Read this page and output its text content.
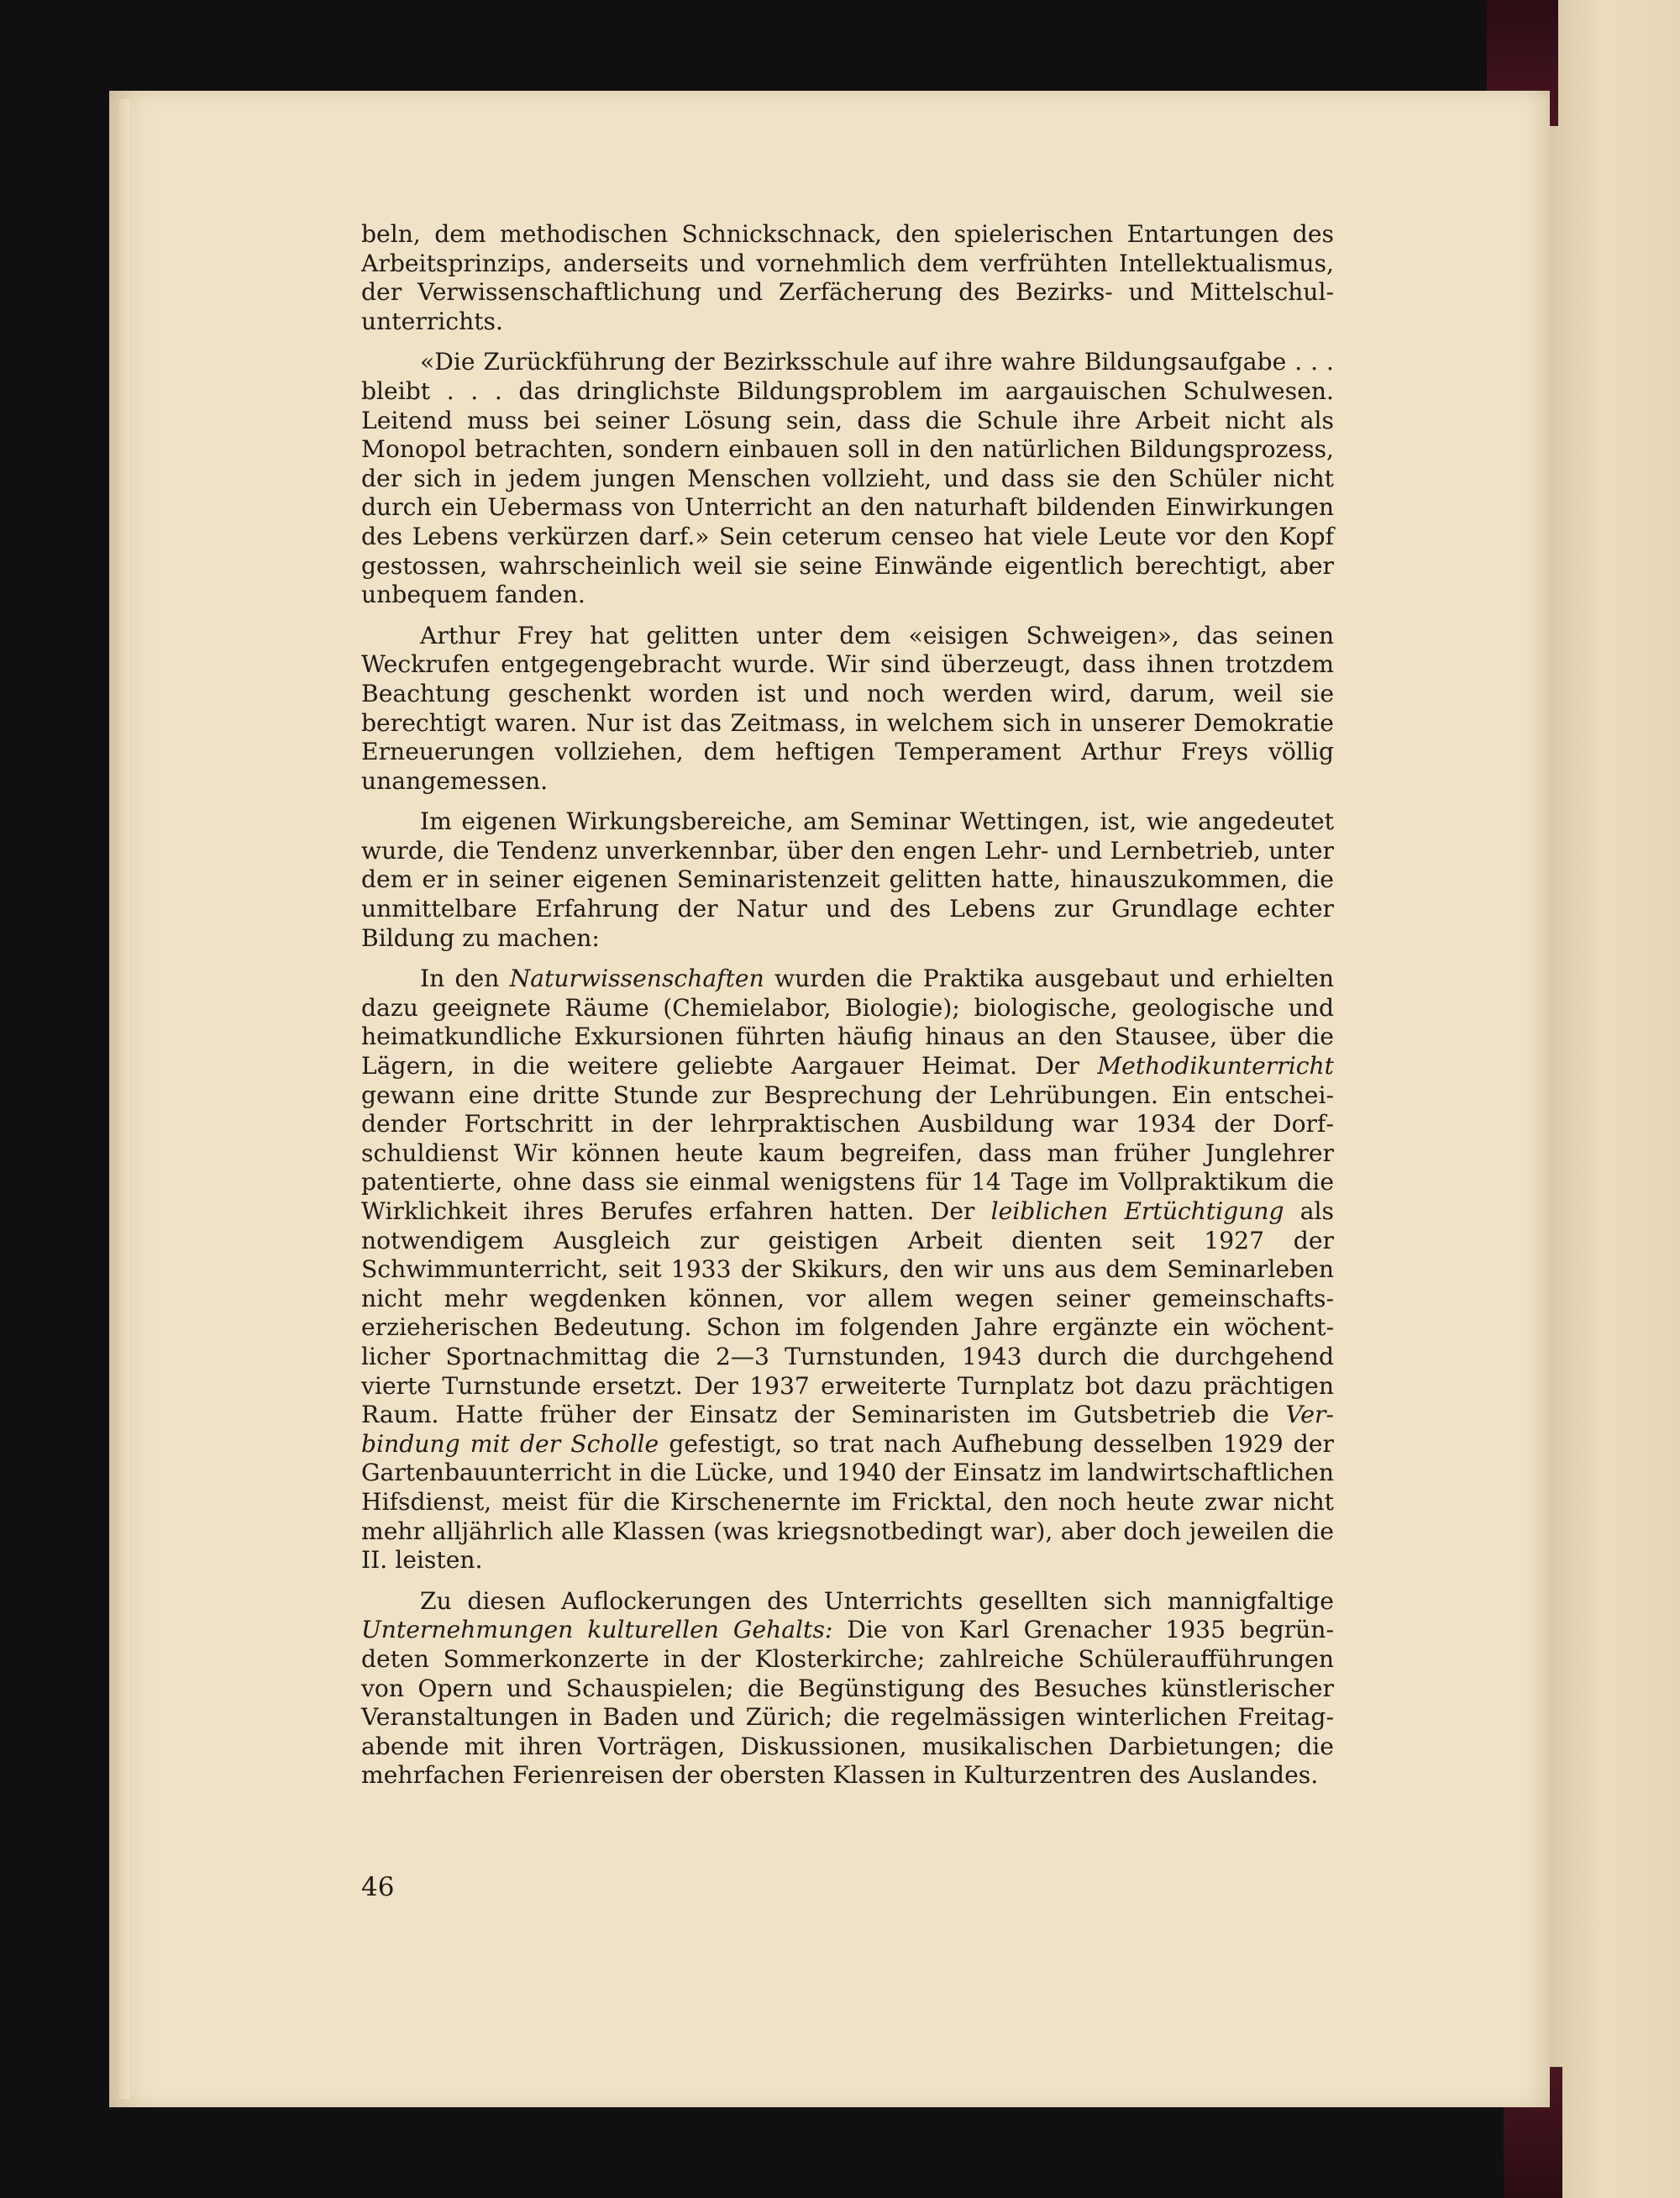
beln, dem methodischen Schnickschnack, den spielerischen Entartungen des Arbeitsprinzips, anderseits und vornehmlich dem verfrühten Intellektualismus, der Verwissenschaftlichung und Zerfächerung des Bezirks- und Mittelschulunterrichts.

«Die Zurückführung der Bezirksschule auf ihre wahre Bildungsaufgabe . . . bleibt . . . das dringlichste Bildungsproblem im aargauischen Schulwesen. Leitend muss bei seiner Lösung sein, dass die Schule ihre Arbeit nicht als Monopol betrachten, sondern einbauen soll in den natürlichen Bildungsprozess, der sich in jedem jungen Menschen vollzieht, und dass sie den Schüler nicht durch ein Uebermass von Unterricht an den naturhaft bildenden Einwirkungen des Lebens verkürzen darf.» Sein ceterum censeo hat viele Leute vor den Kopf gestossen, wahrscheinlich weil sie seine Einwände eigentlich berechtigt, aber unbequem fanden.

Arthur Frey hat gelitten unter dem «eisigen Schweigen», das seinen Weckrufen entgegengebracht wurde. Wir sind überzeugt, dass ihnen trotzdem Beachtung geschenkt worden ist und noch werden wird, darum, weil sie berechtigt waren. Nur ist das Zeitmass, in welchem sich in unserer Demokratie Erneuerungen vollziehen, dem heftigen Temperament Arthur Freys völlig unangemessen.

Im eigenen Wirkungsbereiche, am Seminar Wettingen, ist, wie angedeutet wurde, die Tendenz unverkennbar, über den engen Lehr- und Lernbetrieb, unter dem er in seiner eigenen Seminaristenzeit gelitten hatte, hinauszukommen, die unmittelbare Erfahrung der Natur und des Lebens zur Grundlage echter Bildung zu machen:

In den Naturwissenschaften wurden die Praktika ausgebaut und erhielten dazu geeignete Räume (Chemielabor, Biologie); biologische, geologische und heimatkundliche Exkursionen führten häufig hinaus an den Stausee, über die Lägern, in die weitere geliebte Aargauer Heimat. Der Methodikunterricht gewann eine dritte Stunde zur Besprechung der Lehrübungen. Ein entscheidender Fortschritt in der lehrpraktischen Ausbildung war 1934 der Dorfschuldienst Wir können heute kaum begreifen, dass man früher Junglehrer patentierte, ohne dass sie einmal wenigstens für 14 Tage im Vollpraktikum die Wirklichkeit ihres Berufes erfahren hatten. Der leiblichen Ertüchtigung als notwendigem Ausgleich zur geistigen Arbeit dienten seit 1927 der Schwimmunterricht, seit 1933 der Skikurs, den wir uns aus dem Seminarleben nicht mehr wegdenken können, vor allem wegen seiner gemeinschaftserzieherischen Bedeutung. Schon im folgenden Jahre ergänzte ein wöchentlicher Sportnachmittag die 2—3 Turnstunden, 1943 durch die durchgehend vierte Turnstunde ersetzt. Der 1937 erweiterte Turnplatz bot dazu prächtigen Raum. Hatte früher der Einsatz der Seminaristen im Gutsbetrieb die Verbindung mit der Scholle gefestigt, so trat nach Aufhebung desselben 1929 der Gartenbauunterricht in die Lücke, und 1940 der Einsatz im landwirtschaftlichen Hifsdienst, meist für die Kirschenernte im Fricktal, den noch heute zwar nicht mehr alljährlich alle Klassen (was kriegsnotbedingt war), aber doch jeweilen die II. leisten.

Zu diesen Auflockerungen des Unterrichts gesellten sich mannigfaltige Unternehmungen kulturellen Gehalts: Die von Karl Grenacher 1935 begründeten Sommerkonzerte in der Klosterkirche; zahlreiche Schüleraufführungen von Opern und Schauspielen; die Begünstigung des Besuches künstlerischer Veranstaltungen in Baden und Zürich; die regelmässigen winterlichen Freitagabende mit ihren Vorträgen, Diskussionen, musikalischen Darbietungen; die mehrfachen Ferienreisen der obersten Klassen in Kulturzentren des Auslandes.

46
